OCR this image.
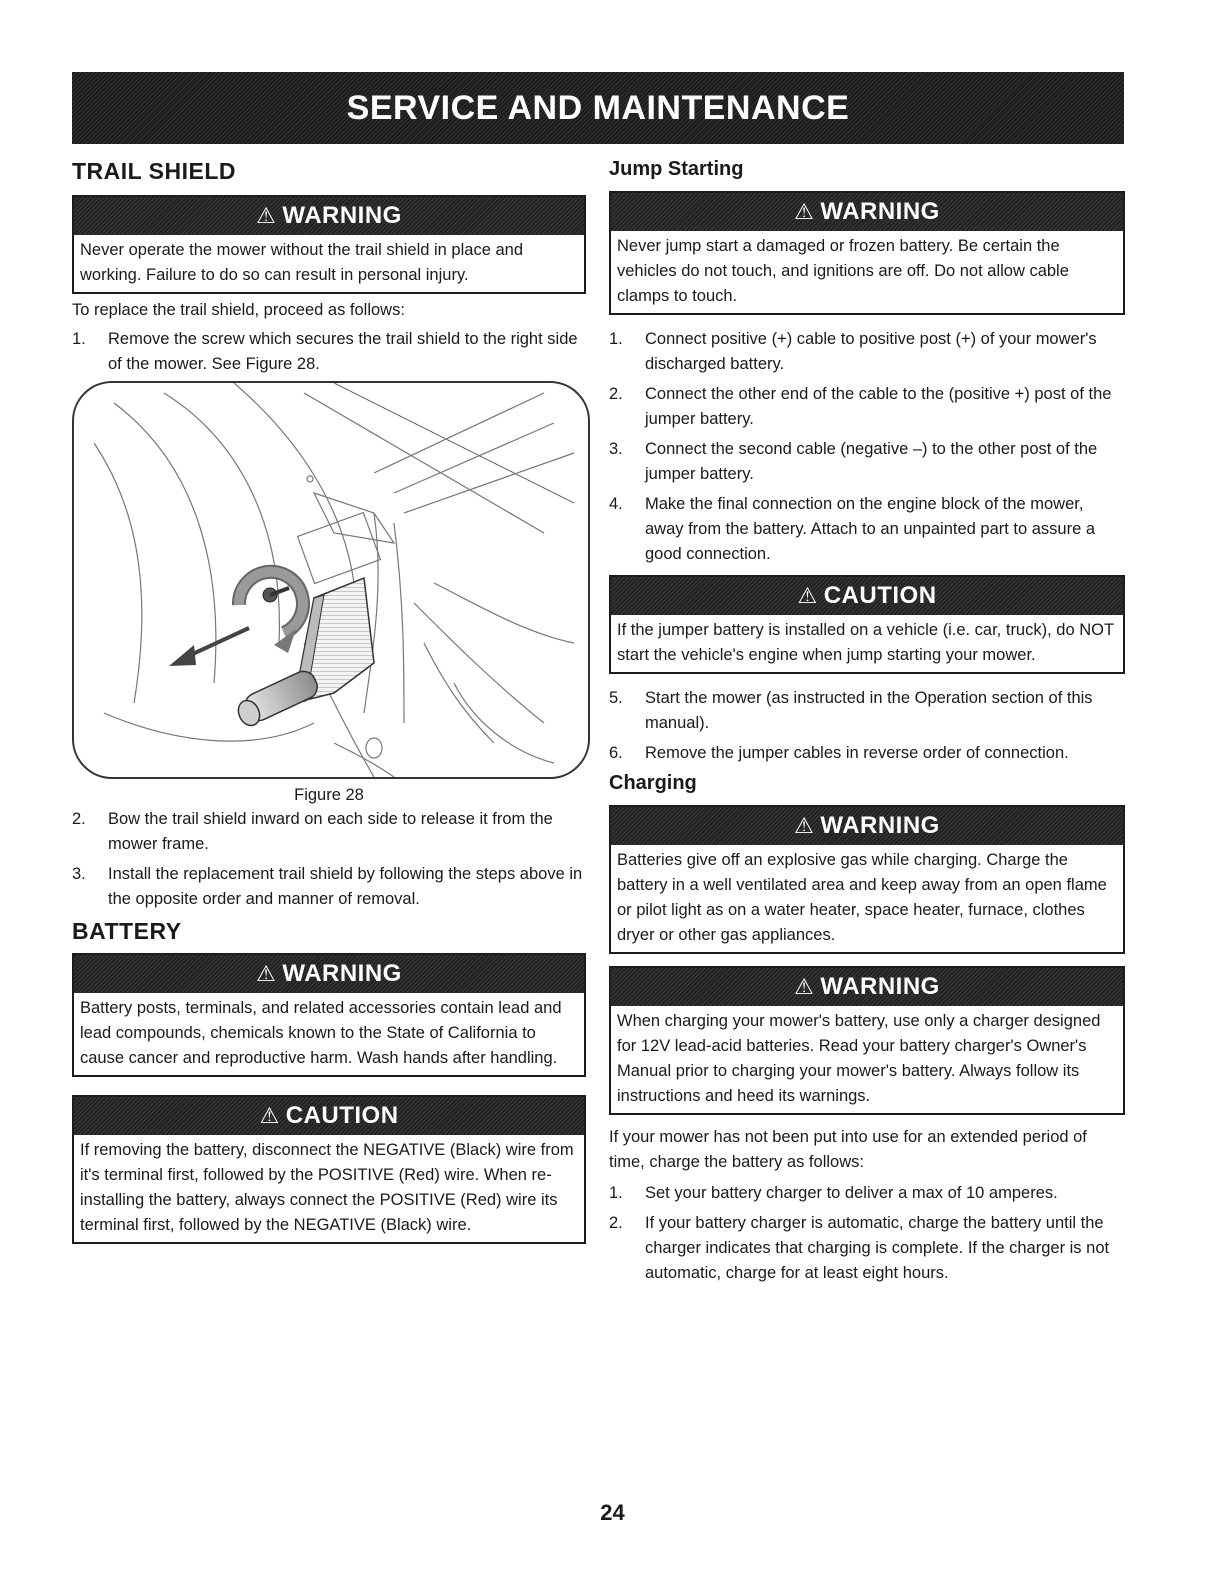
SERVICE AND MAINTENANCE
TRAIL SHIELD
⚠ WARNING
Never operate the mower without the trail shield in place and working. Failure to do so can result in personal injury.

To replace the trail shield, proceed as follows:

1. Remove the screw which secures the trail shield to the right side of the mower. See Figure 28.
Figure 28
2. Bow the trail shield inward on each side to release it from the mower frame.
3. Install the replacement trail shield by following the steps above in the opposite order and manner of removal.
BATTERY
⚠ WARNING
Battery posts, terminals, and related accessories contain lead and lead compounds, chemicals known to the State of California to cause cancer and reproductive harm. Wash hands after handling.
⚠ CAUTION
If removing the battery, disconnect the NEGATIVE (Black) wire from it's terminal first, followed by the POSITIVE (Red) wire. When re-installing the battery, always connect the POSITIVE (Red) wire its terminal first, followed by the NEGATIVE (Black) wire.
Jump Starting
⚠ WARNING
Never jump start a damaged or frozen battery. Be certain the vehicles do not touch, and ignitions are off. Do not allow cable clamps to touch.
1. Connect positive (+) cable to positive post (+) of your mower's discharged battery.
2. Connect the other end of the cable to the (positive +) post of the jumper battery.
3. Connect the second cable (negative –) to the other post of the jumper battery.
4. Make the final connection on the engine block of the mower, away from the battery. Attach to an unpainted part to assure a good connection.
⚠ CAUTION
If the jumper battery is installed on a vehicle (i.e. car, truck), do NOT start the vehicle's engine when jump starting your mower.
5. Start the mower (as instructed in the Operation section of this manual).
6. Remove the jumper cables in reverse order of connection.
Charging
⚠ WARNING
Batteries give off an explosive gas while charging. Charge the battery in a well ventilated area and keep away from an open flame or pilot light as on a water heater, space heater, furnace, clothes dryer or other gas appliances.
⚠ WARNING
When charging your mower's battery, use only a charger designed for 12V lead-acid batteries. Read your battery charger's Owner's Manual prior to charging your mower's battery. Always follow its instructions and heed its warnings.

If your mower has not been put into use for an extended period of time, charge the battery as follows:

1. Set your battery charger to deliver a max of 10 amperes.
2. If your battery charger is automatic, charge the battery until the charger indicates that charging is complete. If the charger is not automatic, charge for at least eight hours.
24
